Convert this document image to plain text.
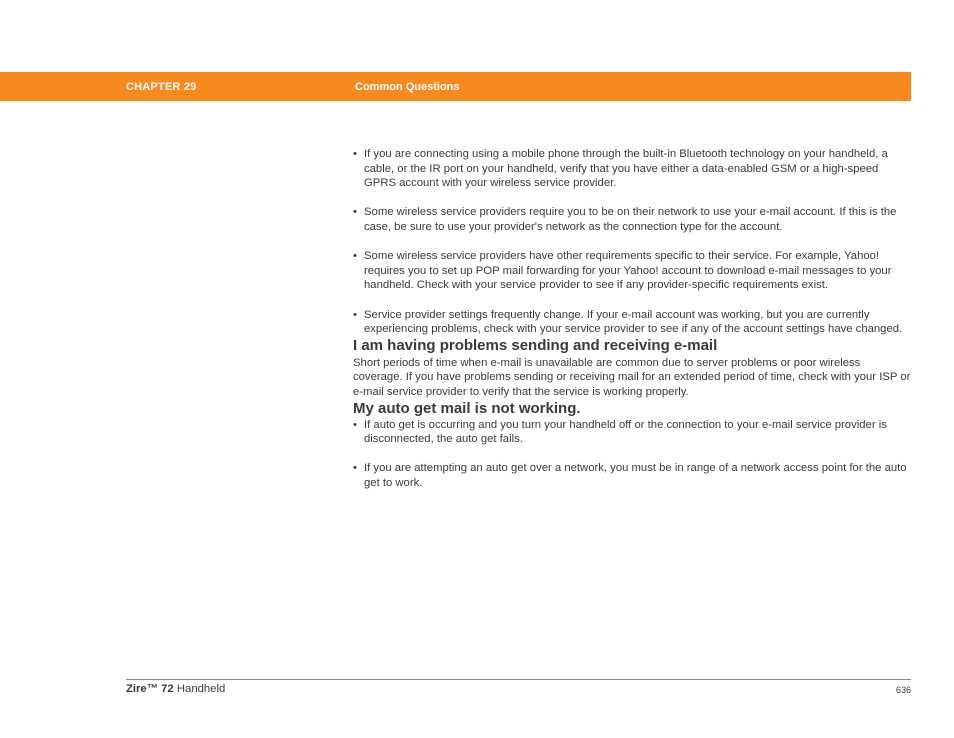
CHAPTER 29	Common Questions
• If you are connecting using a mobile phone through the built-in Bluetooth technology on your handheld, a cable, or the IR port on your handheld, verify that you have either a data-enabled GSM or a high-speed GPRS account with your wireless service provider.
• Some wireless service providers require you to be on their network to use your e-mail account. If this is the case, be sure to use your provider's network as the connection type for the account.
• Some wireless service providers have other requirements specific to their service. For example, Yahoo! requires you to set up POP mail forwarding for your Yahoo! account to download e-mail messages to your handheld. Check with your service provider to see if any provider-specific requirements exist.
• Service provider settings frequently change. If your e-mail account was working, but you are currently experiencing problems, check with your service provider to see if any of the account settings have changed.
I am having problems sending and receiving e-mail

Short periods of time when e-mail is unavailable are common due to server problems or poor wireless coverage. If you have problems sending or receiving mail for an extended period of time, check with your ISP or e-mail service provider to verify that the service is working properly.

My auto get mail is not working.
• If auto get is occurring and you turn your handheld off or the connection to your e-mail service provider is disconnected, the auto get fails.
• If you are attempting an auto get over a network, you must be in range of a network access point for the auto get to work.
Zire™ 72 Handheld	636
